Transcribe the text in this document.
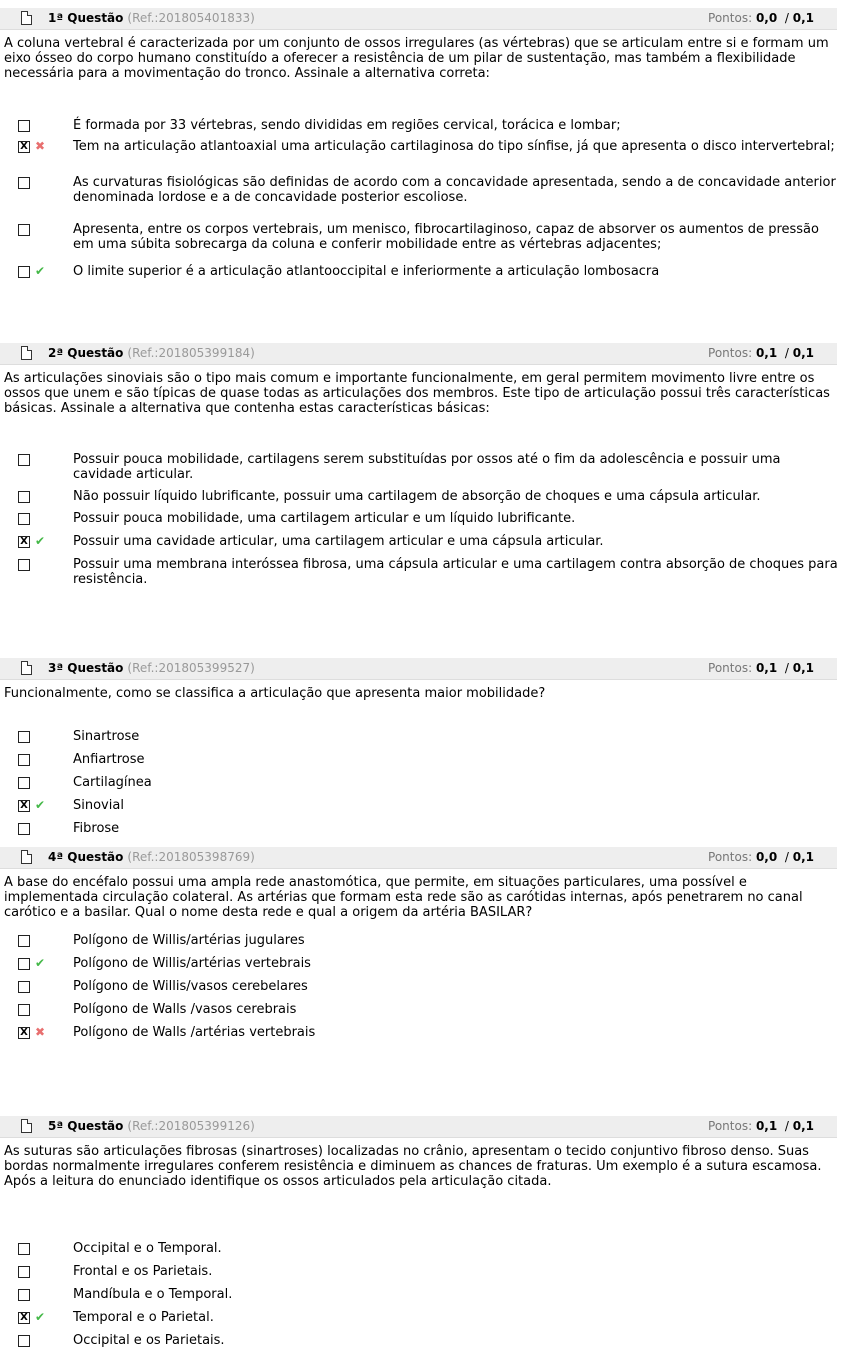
1ª Questão (Ref.:201805401833)	Pontos: 0,0 / 0,1

A coluna vertebral é caracterizada por um conjunto de ossos irregulares (as vértebras) que se articulam entre si e formam um eixo ósseo do corpo humano constituído a oferecer a resistência de um pilar de sustentação, mas também a flexibilidade necessária para a movimentação do tronco. Assinale a alternativa correta:

É formada por 33 vértebras, sendo divididas em regiões cervical, torácica e lombar;
X ✖	Tem na articulação atlantoaxial uma articulação cartilaginosa do tipo sínfise, já que apresenta o disco intervertebral;
As curvaturas fisiológicas são definidas de acordo com a concavidade apresentada, sendo a de concavidade anterior denominada lordose e a de concavidade posterior escoliose.
Apresenta, entre os corpos vertebrais, um menisco, fibrocartilaginoso, capaz de absorver os aumentos de pressão em uma súbita sobrecarga da coluna e conferir mobilidade entre as vértebras adjacentes;
✔	O limite superior é a articulação atlantooccipital e inferiormente a articulação lombosacra
2ª Questão (Ref.:201805399184)	Pontos: 0,1 / 0,1

As articulações sinoviais são o tipo mais comum e importante funcionalmente, em geral permitem movimento livre entre os ossos que unem e são típicas de quase todas as articulações dos membros. Este tipo de articulação possui três características básicas. Assinale a alternativa que contenha estas características básicas:

Possuir pouca mobilidade, cartilagens serem substituídas por ossos até o fim da adolescência e possuir uma cavidade articular.
Não possuir líquido lubrificante, possuir uma cartilagem de absorção de choques e uma cápsula articular.
Possuir pouca mobilidade, uma cartilagem articular e um líquido lubrificante.
X ✔	Possuir uma cavidade articular, uma cartilagem articular e uma cápsula articular.
Possuir uma membrana interóssea fibrosa, uma cápsula articular e uma cartilagem contra absorção de choques para resistência.
3ª Questão (Ref.:201805399527)	Pontos: 0,1 / 0,1

Funcionalmente, como se classifica a articulação que apresenta maior mobilidade?

Sinartrose
Anfiartrose
Cartilagínea
X ✔	Sinovial
Fibrose
4ª Questão (Ref.:201805398769)	Pontos: 0,0 / 0,1

A base do encéfalo possui uma ampla rede anastomótica, que permite, em situações particulares, uma possível e implementada circulação colateral. As artérias que formam esta rede são as carótidas internas, após penetrarem no canal carótico e a basilar. Qual o nome desta rede e qual a origem da artéria BASILAR?

Polígono de Willis/artérias jugulares
✔	Polígono de Willis/artérias vertebrais
Polígono de Willis/vasos cerebelares
Polígono de Walls /vasos cerebrais
X ✖	Polígono de Walls /artérias vertebrais
5ª Questão (Ref.:201805399126)	Pontos: 0,1 / 0,1

As suturas são articulações fibrosas (sinartroses) localizadas no crânio, apresentam o tecido conjuntivo fibroso denso. Suas bordas normalmente irregulares conferem resistência e diminuem as chances de fraturas. Um exemplo é a sutura escamosa. Após a leitura do enunciado identifique os ossos articulados pela articulação citada.

Occipital e o Temporal.
Frontal e os Parietais.
Mandíbula e o Temporal.
X ✔	Temporal e o Parietal.
Occipital e os Parietais.
